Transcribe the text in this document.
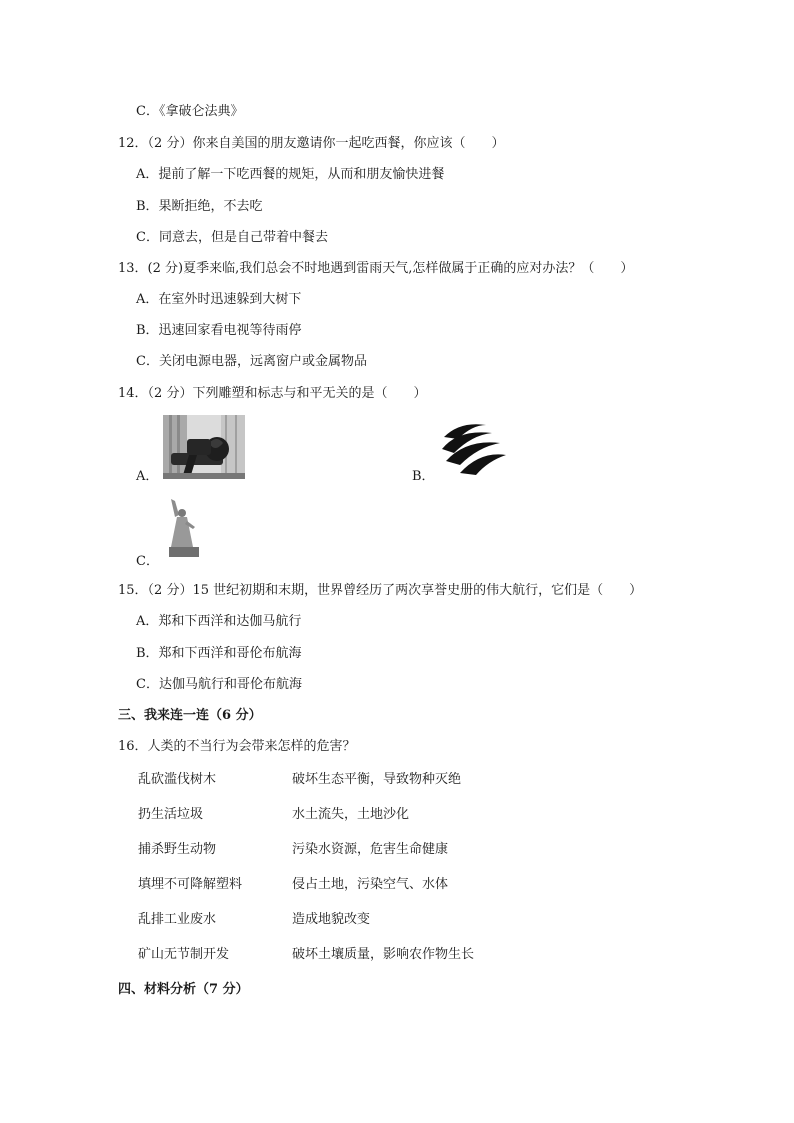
C．《拿破仑法典》
12．（2 分）你来自美国的朋友邀请你一起吃西餐，你应该（　　）
A．提前了解一下吃西餐的规矩，从而和朋友愉快进餐
B．果断拒绝，不去吃
C．同意去，但是自己带着中餐去
13．(2 分)夏季来临,我们总会不时地遇到雷雨天气,怎样做属于正确的应对办法？（　　）
A．在室外时迅速躲到大树下
B．迅速回家看电视等待雨停
C．关闭电源电器，远离窗户或金属物品
14．（2 分）下列雕塑和标志与和平无关的是（　　）
A．	B．
C．
15．（2 分）15 世纪初期和末期，世界曾经历了两次享誉史册的伟大航行，它们是（　　）
A．郑和下西洋和达伽马航行
B．郑和下西洋和哥伦布航海
C．达伽马航行和哥伦布航海
三、我来连一连（6 分）
16．人类的不当行为会带来怎样的危害？
乱砍滥伐树木	破坏生态平衡，导致物种灭绝
扔生活垃圾	水土流失，土地沙化
捕杀野生动物	污染水资源，危害生命健康
填埋不可降解塑料	侵占土地，污染空气、水体
乱排工业废水	造成地貌改变
矿山无节制开发	破坏土壤质量，影响农作物生长
四、材料分析（7 分）
